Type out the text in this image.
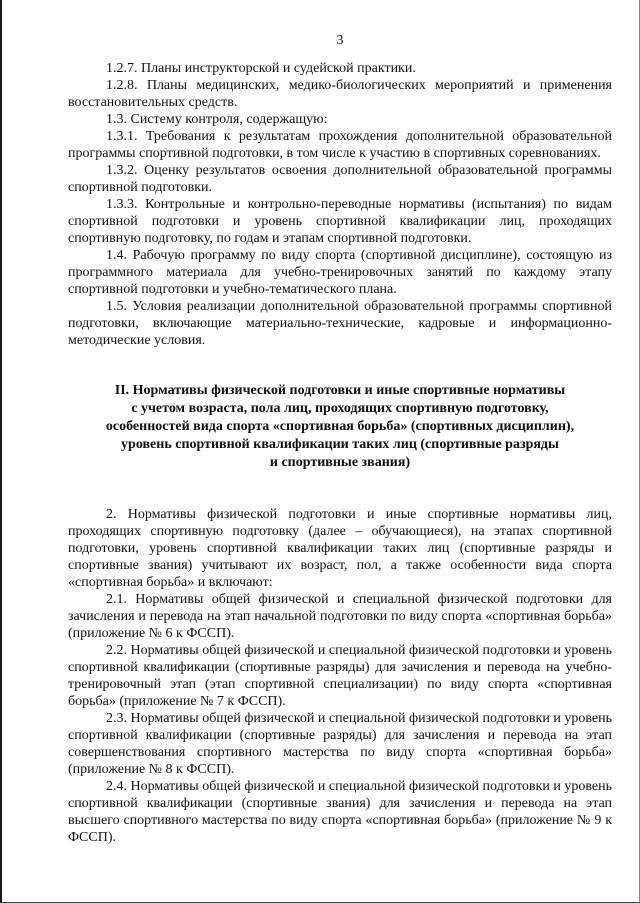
3

1.2.7. Планы инструкторской и судейской практики.

1.2.8. Планы медицинских, медико-биологических мероприятий и применения восстановительных средств.

1.3. Систему контроля, содержащую:

1.3.1. Требования к результатам прохождения дополнительной образовательной программы спортивной подготовки, в том числе к участию в спортивных соревнованиях.

1.3.2. Оценку результатов освоения дополнительной образовательной программы спортивной подготовки.

1.3.3. Контрольные и контрольно-переводные нормативы (испытания) по видам спортивной подготовки и уровень спортивной квалификации лиц, проходящих спортивную подготовку, по годам и этапам спортивной подготовки.

1.4. Рабочую программу по виду спорта (спортивной дисциплине), состоящую из программного материала для учебно-тренировочных занятий по каждому этапу спортивной подготовки и учебно-тематического плана.

1.5. Условия реализации дополнительной образовательной программы спортивной подготовки, включающие материально-технические, кадровые и информационно-методические условия.

II. Нормативы физической подготовки и иные спортивные нормативы
с учетом возраста, пола лиц, проходящих спортивную подготовку,
особенностей вида спорта «спортивная борьба» (спортивных дисциплин),
уровень спортивной квалификации таких лиц (спортивные разряды
и спортивные звания)

2. Нормативы физической подготовки и иные спортивные нормативы лиц, проходящих спортивную подготовку (далее – обучающиеся), на этапах спортивной подготовки, уровень спортивной квалификации таких лиц (спортивные разряды и спортивные звания) учитывают их возраст, пол, а также особенности вида спорта «спортивная борьба» и включают:

2.1. Нормативы общей физической и специальной физической подготовки для зачисления и перевода на этап начальной подготовки по виду спорта «спортивная борьба» (приложение № 6 к ФССП).

2.2. Нормативы общей физической и специальной физической подготовки и уровень спортивной квалификации (спортивные разряды) для зачисления и перевода на учебно-тренировочный этап (этап спортивной специализации) по виду спорта «спортивная борьба» (приложение № 7 к ФССП).

2.3. Нормативы общей физической и специальной физической подготовки и уровень спортивной квалификации (спортивные разряды) для зачисления и перевода на этап совершенствования спортивного мастерства по виду спорта «спортивная борьба» (приложение № 8 к ФССП).

2.4. Нормативы общей физической и специальной физической подготовки и уровень спортивной квалификации (спортивные звания) для зачисления и перевода на этап высшего спортивного мастерства по виду спорта «спортивная борьба» (приложение № 9 к ФССП).
